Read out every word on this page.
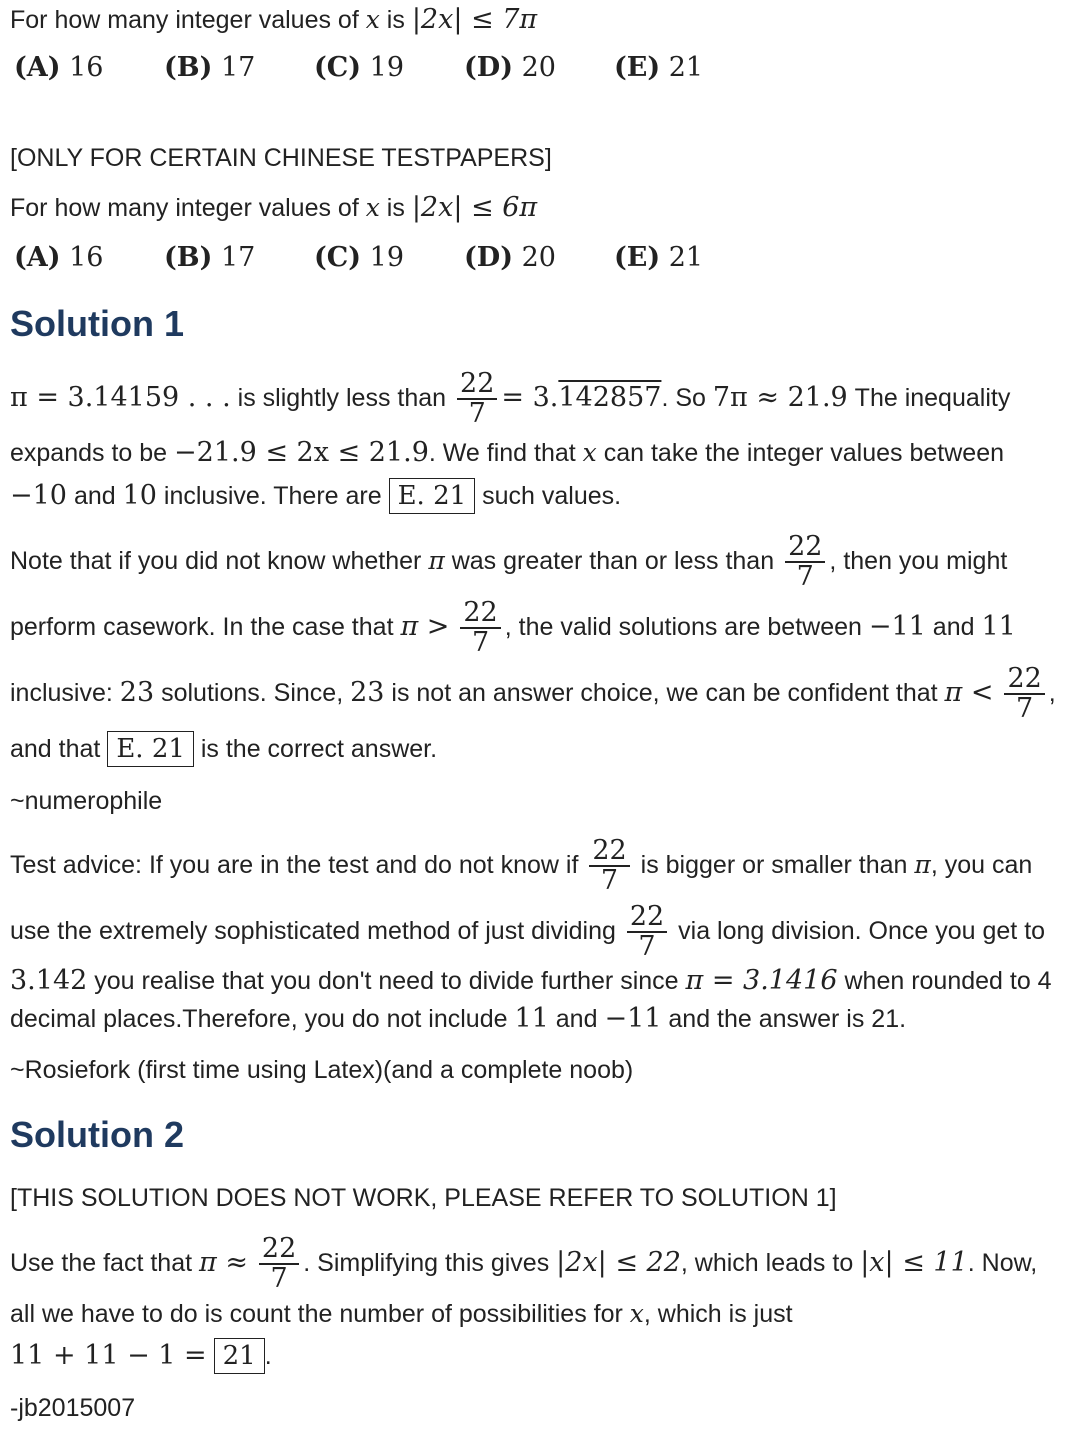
For how many integer values of x is |2x| ≤ 7π
(A) 16 (B) 17 (C) 19 (D) 20 (E) 21
[ONLY FOR CERTAIN CHINESE TESTPAPERS]
For how many integer values of x is |2x| ≤ 6π
(A) 16 (B) 17 (C) 19 (D) 20 (E) 21
Solution 1
π = 3.14159 . . . is slightly less than $\frac{22}{7} = 3.142857$. So 7π ≈ 21.9 The inequality
expands to be −21.9 ≤ 2x ≤ 21.9. We find that x can take the integer values between
−10 and 10 inclusive. There are E. 21 such values.
Note that if you did not know whether π was greater than or less than $\frac{22}{7}$ , then you might
perform casework. In the case that $\pi > \frac{22}{7}$ , the valid solutions are between −11 and 11
inclusive: 23 solutions. Since, 23 is not an answer choice, we can be confident that $\pi < \frac{22}{7}$ ,
and that E. 21 is the correct answer.
~numerophile
Test advice: If you are in the test and do not know if $\frac{22}{7}$ is bigger or smaller than π, you can
use the extremely sophisticated method of just dividing $\frac{22}{7}$ via long division. Once you get to
3.142 you realise that you don't need to divide further since π = 3.1416 when rounded to 4
decimal places.Therefore, you do not include 11 and −11 and the answer is 21.
~Rosiefork (first time using Latex)(and a complete noob)
Solution 2
[THIS SOLUTION DOES NOT WORK, PLEASE REFER TO SOLUTION 1]
Use the fact that $\pi \approx \frac{22}{7}$ . Simplifying this gives |2x| ≤ 22, which leads to |x| ≤ 11. Now,
all we have to do is count the number of possibilities for x, which is just
11 + 11 − 1 = 21 .
-jb2015007
